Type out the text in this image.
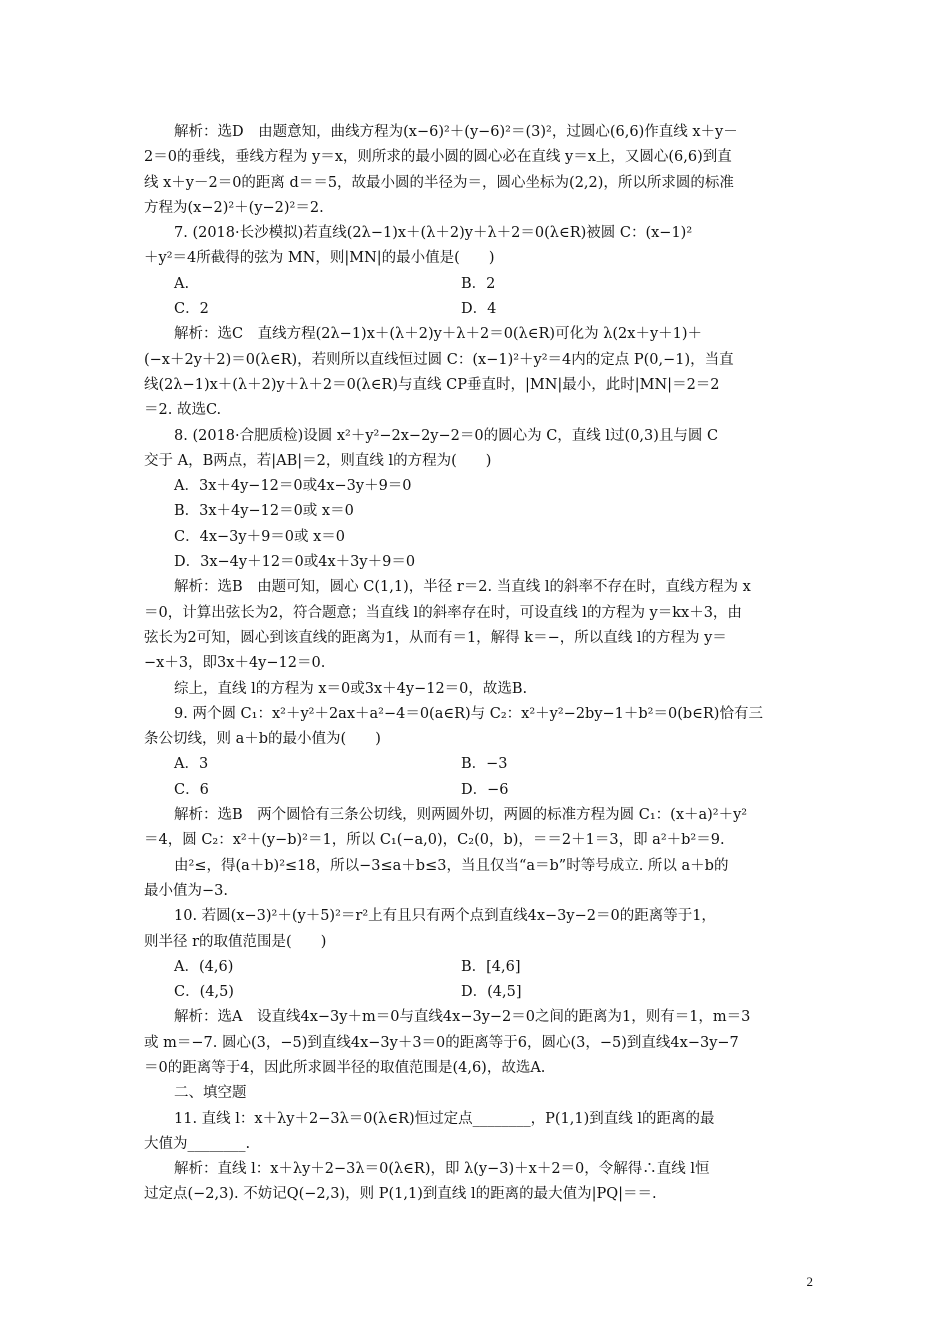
解析：选D　由题意知，曲线方程为(x−6)²＋(y−6)²＝(3)²，过圆心(6,6)作直线 x＋y－
2＝0的垂线，垂线方程为 y＝x，则所求的最小圆的圆心必在直线 y＝x上，又圆心(6,6)到直
线 x＋y－2＝0的距离 d＝＝5，故最小圆的半径为＝，圆心坐标为(2,2)，所以所求圆的标准
方程为(x−2)²＋(y−2)²＝2.
7. (2018·长沙模拟)若直线(2λ−1)x＋(λ＋2)y＋λ＋2＝0(λ∈R)被圆 C：(x−1)²
＋y²＝4所截得的弦为 MN，则|MN|的最小值是(　　)
A.　	B．2
C．2	D．4
解析：选C　直线方程(2λ−1)x＋(λ＋2)y＋λ＋2＝0(λ∈R)可化为 λ(2x＋y＋1)＋
(−x＋2y＋2)＝0(λ∈R)，若则所以直线恒过圆 C：(x−1)²＋y²＝4内的定点 P(0,−1)，当直
线(2λ−1)x＋(λ＋2)y＋λ＋2＝0(λ∈R)与直线 CP垂直时，|MN|最小，此时|MN|＝2＝2
＝2. 故选C.
8. (2018·合肥质检)设圆 x²＋y²−2x−2y−2＝0的圆心为 C，直线 l过(0,3)且与圆 C
交于 A，B两点，若|AB|＝2，则直线 l的方程为(　　)
A．3x＋4y−12＝0或4x−3y＋9＝0
B．3x＋4y−12＝0或 x＝0
C．4x−3y＋9＝0或 x＝0
D．3x−4y＋12＝0或4x＋3y＋9＝0
解析：选B　由题可知，圆心 C(1,1)，半径 r＝2. 当直线 l的斜率不存在时，直线方程为 x
＝0，计算出弦长为2，符合题意；当直线 l的斜率存在时，可设直线 l的方程为 y＝kx＋3，由
弦长为2可知，圆心到该直线的距离为1，从而有＝1，解得 k＝−，所以直线 l的方程为 y＝
−x＋3，即3x＋4y−12＝0.
综上，直线 l的方程为 x＝0或3x＋4y−12＝0，故选B.
9. 两个圆 C₁：x²＋y²＋2ax＋a²−4＝0(a∈R)与 C₂：x²＋y²−2by−1＋b²＝0(b∈R)恰有三
条公切线，则 a＋b的最小值为(　　)
A．3	B．−3
C．6	D．−6
解析：选B　两个圆恰有三条公切线，则两圆外切，两圆的标准方程为圆 C₁：(x＋a)²＋y²
＝4，圆 C₂：x²＋(y−b)²＝1，所以 C₁(−a,0)，C₂(0，b)，＝＝2＋1＝3，即 a²＋b²＝9.
由²≤，得(a＋b)²≤18，所以−3≤a＋b≤3，当且仅当“a＝b”时等号成立. 所以 a＋b的
最小值为−3.
10. 若圆(x−3)²＋(y＋5)²＝r²上有且只有两个点到直线4x−3y−2＝0的距离等于1，
则半径 r的取值范围是(　　)
A．(4,6)	B．[4,6]
C．(4,5)	D．(4,5]
解析：选A　设直线4x−3y＋m＝0与直线4x−3y−2＝0之间的距离为1，则有＝1，m＝3
或 m＝−7. 圆心(3，−5)到直线4x−3y＋3＝0的距离等于6，圆心(3，−5)到直线4x−3y−7
＝0的距离等于4，因此所求圆半径的取值范围是(4,6)，故选A.
二、填空题
11. 直线 l：x＋λy＋2−3λ＝0(λ∈R)恒过定点________，P(1,1)到直线 l的距离的最
大值为________.
解析：直线 l：x＋λy＋2−3λ＝0(λ∈R)，即 λ(y−3)＋x＋2＝0，令解得∴直线 l恒
过定点(−2,3). 不妨记Q(−2,3)，则 P(1,1)到直线 l的距离的最大值为|PQ|＝＝.
2
